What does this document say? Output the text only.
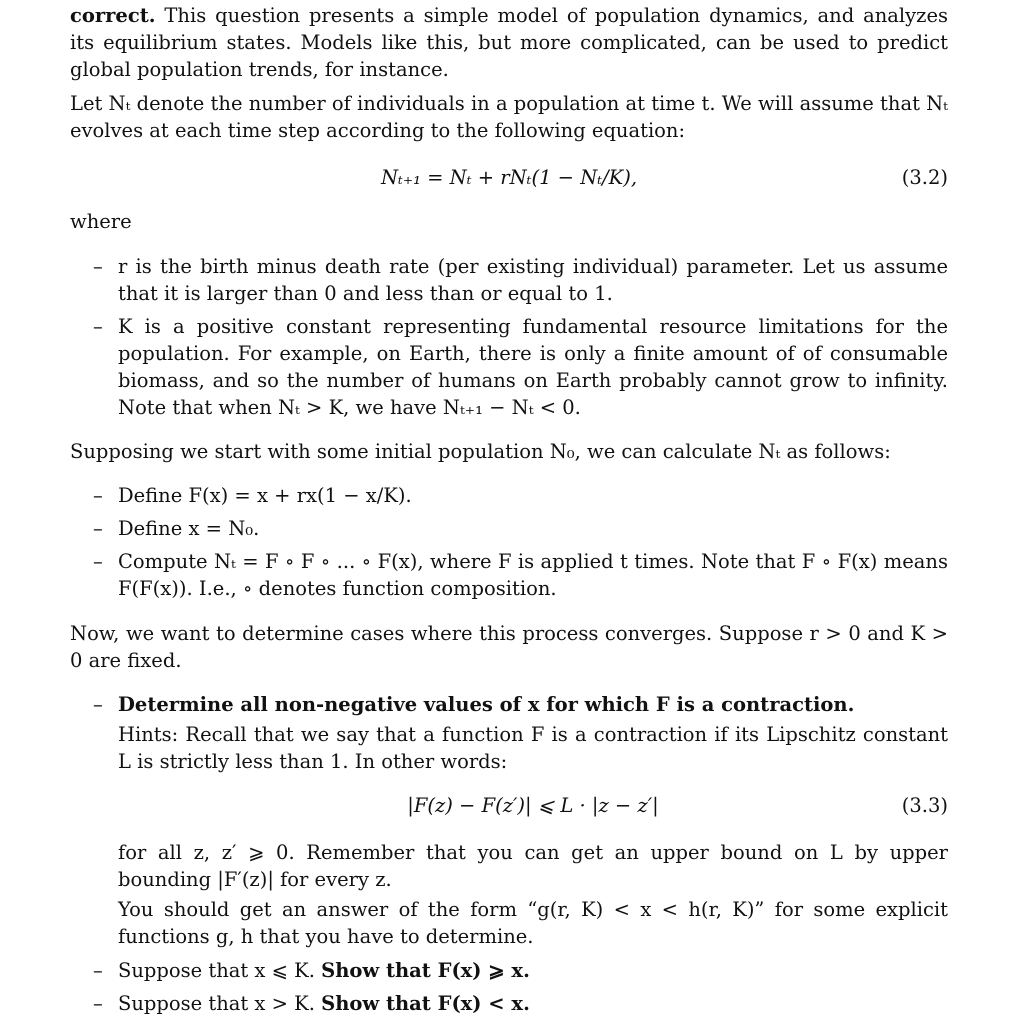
correct. This question presents a simple model of population dynamics, and analyzes its equilibrium states. Models like this, but more complicated, can be used to predict global population trends, for instance.
Let Nₜ denote the number of individuals in a population at time t. We will assume that Nₜ evolves at each time step according to the following equation:
Nₜ₊₁ = Nₜ + rNₜ(1 − Nₜ/K),	(3.2)
where
– r is the birth minus death rate (per existing individual) parameter. Let us assume that it is larger than 0 and less than or equal to 1.
– K is a positive constant representing fundamental resource limitations for the population. For example, on Earth, there is only a finite amount of of consumable biomass, and so the number of humans on Earth probably cannot grow to infinity. Note that when Nₜ > K, we have Nₜ₊₁ − Nₜ < 0.
Supposing we start with some initial population N₀, we can calculate Nₜ as follows:
– Define F(x) = x + rx(1 − x/K).
– Define x = N₀.
– Compute Nₜ = F ∘ F ∘ ... ∘ F(x), where F is applied t times. Note that F ∘ F(x) means F(F(x)). I.e., ∘ denotes function composition.
Now, we want to determine cases where this process converges. Suppose r > 0 and K > 0 are fixed.
– Determine all non-negative values of x for which F is a contraction.
Hints: Recall that we say that a function F is a contraction if its Lipschitz constant L is strictly less than 1. In other words:
|F(z) − F(z′)| ⩽ L · |z − z′|	(3.3)
for all z, z′ ⩾ 0. Remember that you can get an upper bound on L by upper bounding |F′(z)| for every z.
You should get an answer of the form “g(r, K) < x < h(r, K)” for some explicit functions g, h that you have to determine.
– Suppose that x ⩽ K. Show that F(x) ⩾ x.
– Suppose that x > K. Show that F(x) < x.
